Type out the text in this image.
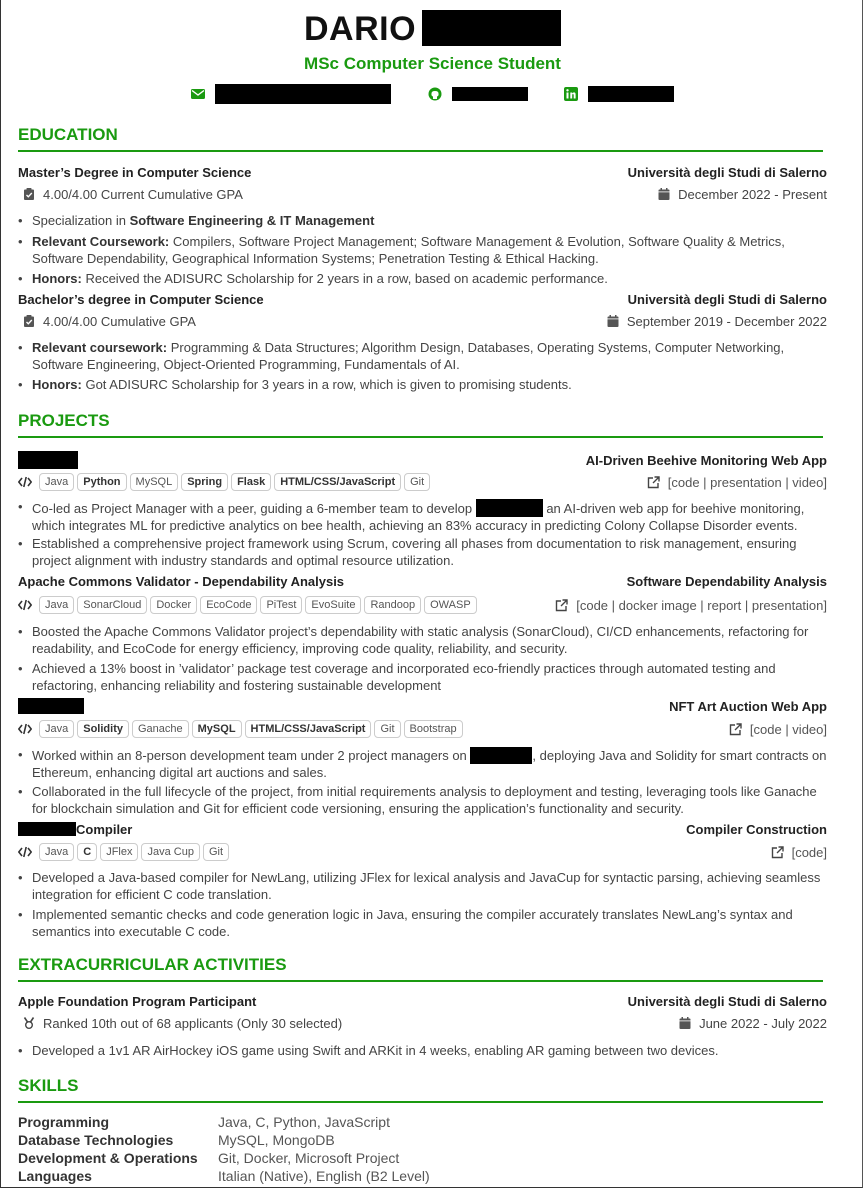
DARIO
MSc Computer Science Student
EDUCATION
Master’s Degree in Computer Science	Università degli Studi di Salerno
4.00/4.00 Current Cumulative GPA	December 2022 - Present
• Specialization in Software Engineering & IT Management
• Relevant Coursework: Compilers, Software Project Management; Software Management & Evolution, Software Quality & Metrics, Software Dependability, Geographical Information Systems; Penetration Testing & Ethical Hacking.
• Honors: Received the ADISURC Scholarship for 2 years in a row, based on academic performance.
Bachelor’s degree in Computer Science	Università degli Studi di Salerno
4.00/4.00 Cumulative GPA	September 2019 - December 2022
• Relevant coursework: Programming & Data Structures; Algorithm Design, Databases, Operating Systems, Computer Networking, Software Engineering, Object-Oriented Programming, Fundamentals of AI.
• Honors: Got ADISURC Scholarship for 3 years in a row, which is given to promising students.
PROJECTS
AI-Driven Beehive Monitoring Web App
Java	Python	MySQL	Spring	Flask	HTML/CSS/JavaScript	Git	[code | presentation | video]
• Co-led as Project Manager with a peer, guiding a 6-member team to develop	an AI-driven web app for beehive monitoring, which integrates ML for predictive analytics on bee health, achieving an 83% accuracy in predicting Colony Collapse Disorder events.
• Established a comprehensive project framework using Scrum, covering all phases from documentation to risk management, ensuring project alignment with industry standards and optimal resource utilization.
Apache Commons Validator - Dependability Analysis	Software Dependability Analysis
Java	SonarCloud	Docker	EcoCode	PiTest	EvoSuite	Randoop	OWASP	[code | docker image | report | presentation]
• Boosted the Apache Commons Validator project’s dependability with static analysis (SonarCloud), CI/CD enhancements, refactoring for readability, and EcoCode for energy efficiency, improving code quality, reliability, and security.
• Achieved a 13% boost in ’validator’ package test coverage and incorporated eco-friendly practices through automated testing and refactoring, enhancing reliability and fostering sustainable development
NFT Art Auction Web App
Java	Solidity	Ganache	MySQL	HTML/CSS/JavaScript	Git	Bootstrap	[code | video]
• Worked within an 8-person development team under 2 project managers on	, deploying Java and Solidity for smart contracts on Ethereum, enhancing digital art auctions and sales.
• Collaborated in the full lifecycle of the project, from initial requirements analysis to deployment and testing, leveraging tools like Ganache for blockchain simulation and Git for efficient code versioning, ensuring the application’s functionality and security.
Compiler	Compiler Construction
Java	C	JFlex	Java Cup	Git	[code]
• Developed a Java-based compiler for NewLang, utilizing JFlex for lexical analysis and JavaCup for syntactic parsing, achieving seamless integration for efficient C code translation.
• Implemented semantic checks and code generation logic in Java, ensuring the compiler accurately translates NewLang’s syntax and semantics into executable C code.
EXTRACURRICULAR ACTIVITIES
Apple Foundation Program Participant	Università degli Studi di Salerno
Ranked 10th out of 68 applicants (Only 30 selected)	June 2022 - July 2022
• Developed a 1v1 AR AirHockey iOS game using Swift and ARKit in 4 weeks, enabling AR gaming between two devices.
SKILLS
Programming	Java, C, Python, JavaScript
Database Technologies	MySQL, MongoDB
Development & Operations	Git, Docker, Microsoft Project
Languages	Italian (Native), English (B2 Level)
